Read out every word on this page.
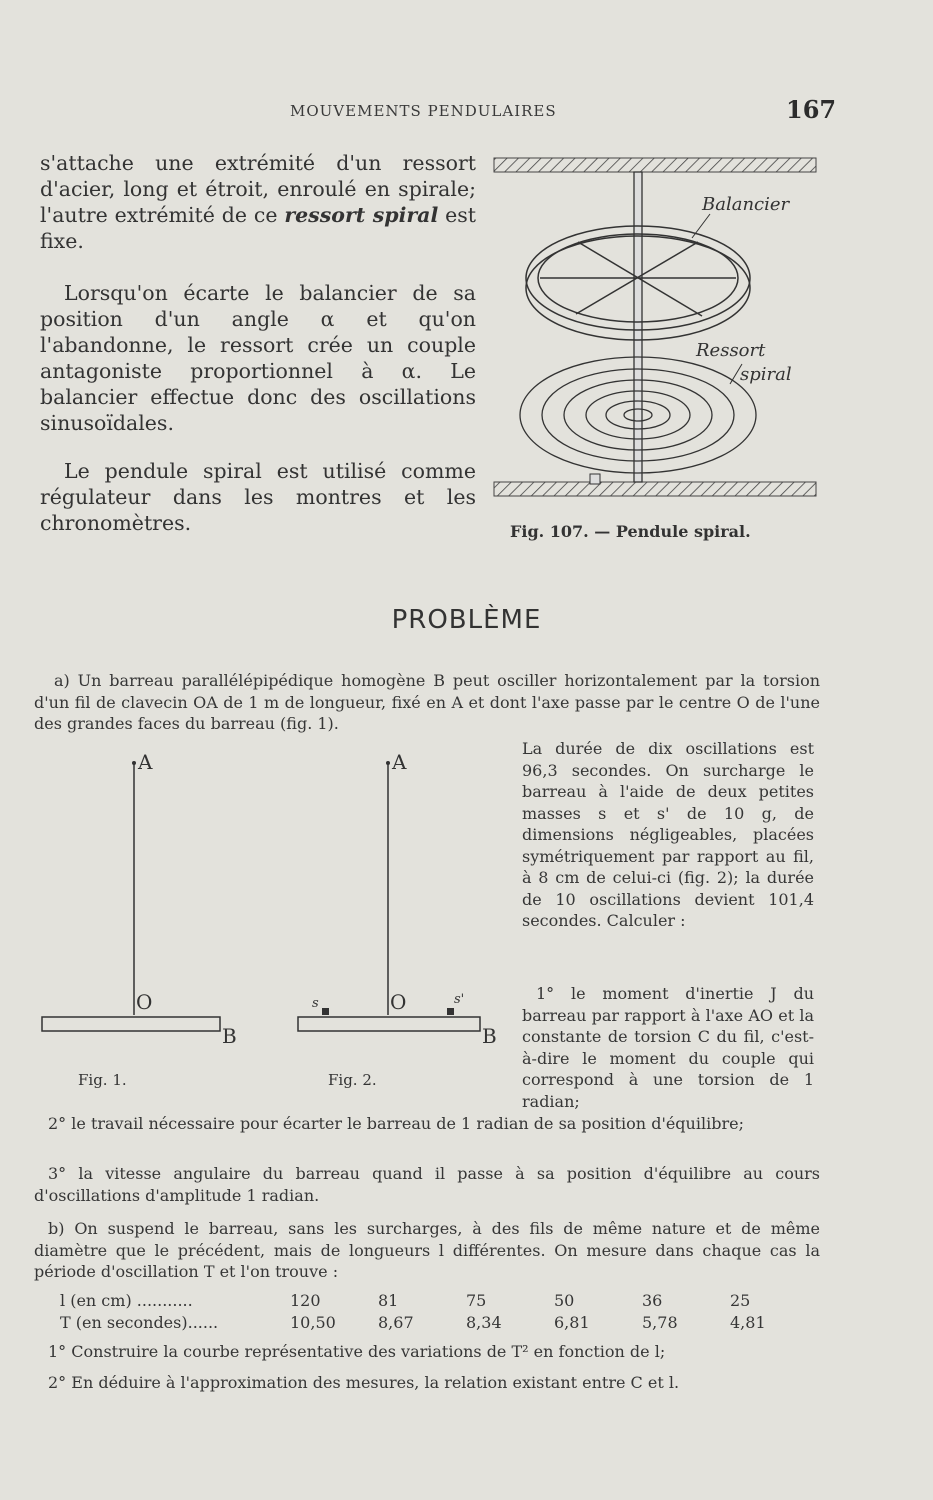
MOUVEMENTS PENDULAIRES	167
s'attache une extrémité d'un ressort d'acier, long et étroit, enroulé en spirale; l'autre extrémité de ce ressort spiral est fixe.
Lorsqu'on écarte le balancier de sa position d'un angle α et qu'on l'abandonne, le ressort crée un couple antagoniste proportionnel à α. Le balancier effectue donc des oscillations sinusoïdales.
Le pendule spiral est utilisé comme régulateur dans les montres et les chronomètres.
Balancier
Ressort
spiral
Fig. 107. — Pendule spiral.
PROBLÈME
a) Un barreau parallélépipédique homogène B peut osciller horizontalement par la torsion d'un fil de clavecin OA de 1 m de longueur, fixé en A et dont l'axe passe par le centre O de l'une des grandes faces du barreau (fig. 1).
La durée de dix oscillations est 96,3 secondes. On surcharge le barreau à l'aide de deux petites masses s et s' de 10 g, de dimensions négligeables, placées symétriquement par rapport au fil, à 8 cm de celui-ci (fig. 2); la durée de 10 oscillations devient 101,4 secondes. Calculer :
1° le moment d'inertie J du barreau par rapport à l'axe AO et la constante de torsion C du fil, c'est-à-dire le moment du couple qui correspond à une torsion de 1 radian;
A
O
B
Fig. 1.
A
O
s	s'
B
Fig. 2.
2° le travail nécessaire pour écarter le barreau de 1 radian de sa position d'équilibre;
3° la vitesse angulaire du barreau quand il passe à sa position d'équilibre au cours d'oscillations d'amplitude 1 radian.
b) On suspend le barreau, sans les surcharges, à des fils de même nature et de même diamètre que le précédent, mais de longueurs l différentes. On mesure dans chaque cas la période d'oscillation T et l'on trouve :
l (en cm) ...........	120	81	75	50	36	25
T (en secondes)......	10,50	8,67	8,34	6,81	5,78	4,81
1° Construire la courbe représentative des variations de T² en fonction de l;
2° En déduire à l'approximation des mesures, la relation existant entre C et l.
